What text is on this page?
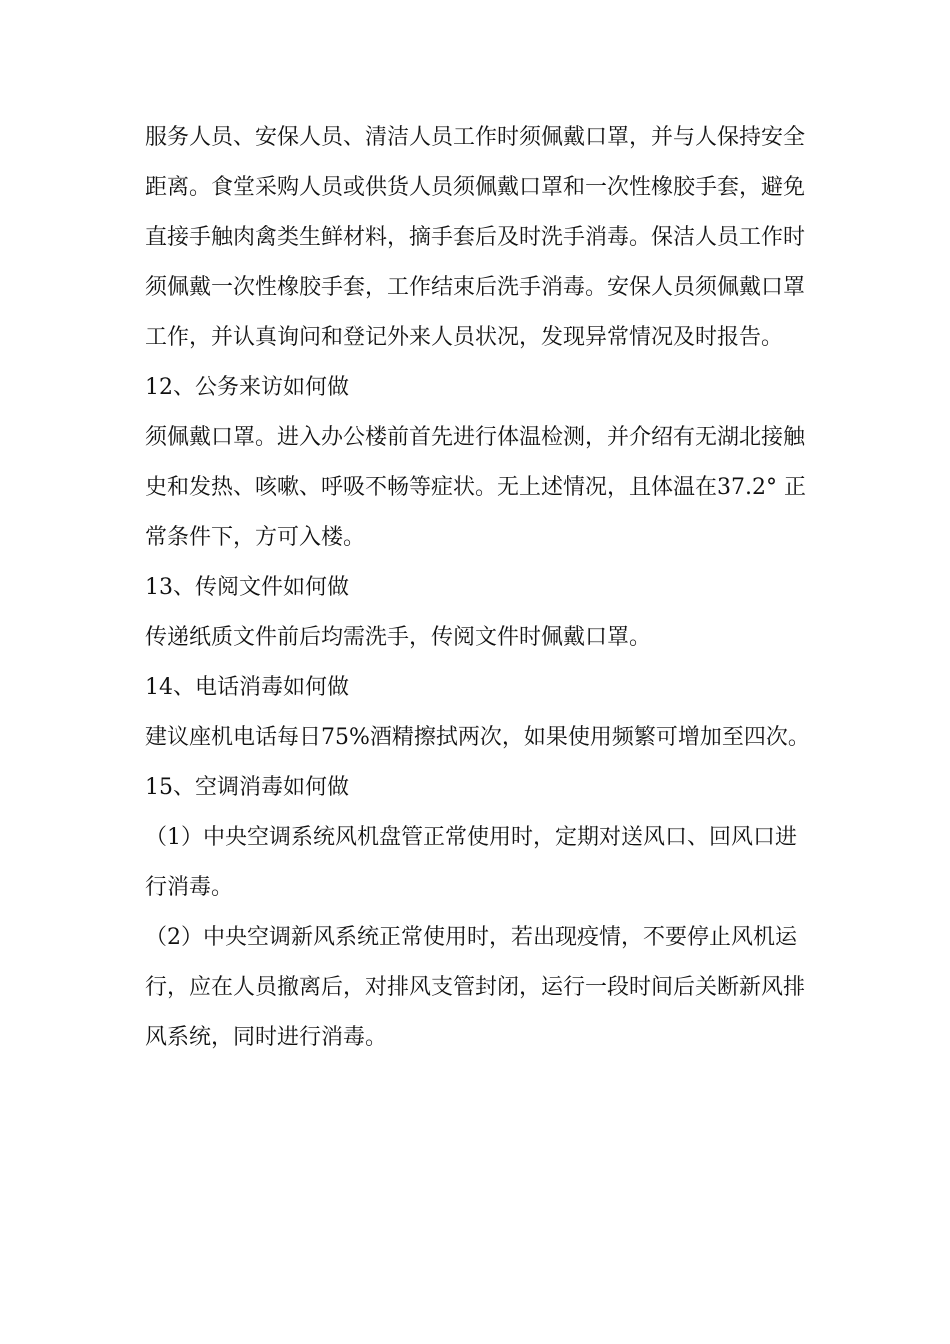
服务人员、安保人员、清洁人员工作时须佩戴口罩，并与人保持安全距离。食堂采购人员或供货人员须佩戴口罩和一次性橡胶手套，避免直接手触肉禽类生鲜材料，摘手套后及时洗手消毒。保洁人员工作时须佩戴一次性橡胶手套，工作结束后洗手消毒。安保人员须佩戴口罩工作，并认真询问和登记外来人员状况，发现异常情况及时报告。

12、公务来访如何做

须佩戴口罩。进入办公楼前首先进行体温检测，并介绍有无湖北接触史和发热、咳嗽、呼吸不畅等症状。无上述情况，且体温在37.2° 正常条件下，方可入楼。

13、传阅文件如何做

传递纸质文件前后均需洗手，传阅文件时佩戴口罩。

14、电话消毒如何做

建议座机电话每日75%酒精擦拭两次，如果使用频繁可增加至四次。

15、空调消毒如何做

（1）中央空调系统风机盘管正常使用时，定期对送风口、回风口进行消毒。

（2）中央空调新风系统正常使用时，若出现疫情，不要停止风机运行，应在人员撤离后，对排风支管封闭，运行一段时间后关断新风排风系统，同时进行消毒。
